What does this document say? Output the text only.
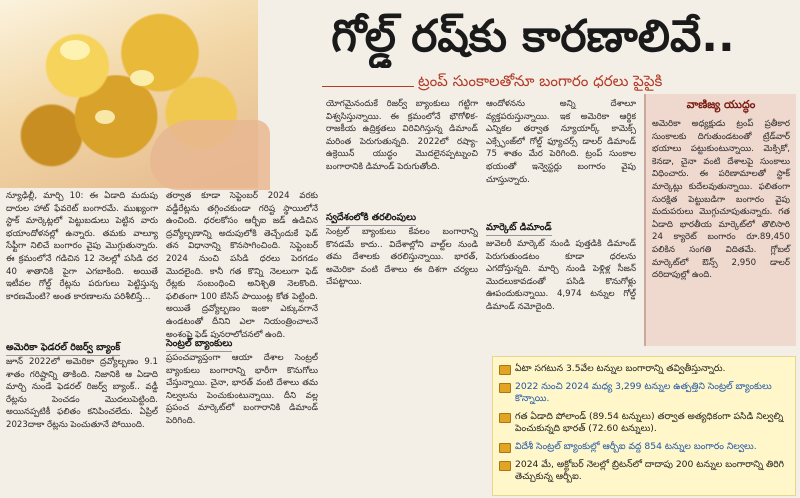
గోల్డ్ రష్‌కు కారణాలివే..
ట్రంప్ సుంకాలతోనూ బంగారం ధరలు పైపైకి

న్యూఢిల్లీ, మార్చి 10: ఈ ఏడాది మదుపు దారుల హాట్ ఫేవరెట్ బంగారమే. ముఖ్యంగా స్టాక్ మార్కెట్లలో పెట్టుబడులు పెట్టిన వారు భయాందోళనల్లో ఉన్నారు. తమకు వాల్యూ సేఫ్టీగా నిలిచే బంగారం వైపు మొగ్గుతున్నారు. ఈ క్రమంలోనే గడిచిన 12 నెలల్లో పసిడి ధర 40 శాతానికి పైగా ఎగబాకింది. అయితే ఇటీవల గోల్డ్ రేట్లను పరుగులు పెట్టిస్తున్న కారణమేంటి? అంత కారణాలను పరిశీలిస్తే...

అమెరికా ఫెడరల్ రిజర్వ్ బ్యాంక్

జూన్ 2022లో అమెరికా ద్రవ్యోల్బణం 9.1 శాతం గరిష్టాన్ని తాకింది. నిజానికి ఆ ఏడాది మార్చి నుండే ఫెడరల్ రిజర్వ్ బ్యాంక్.. వడ్డీ రేట్లను పెంచడం మొదలుపెట్టింది. అయినప్పటికీ ఫలితం కనిపించలేదు. ఏప్రిల్ 2023దాకా రేట్లను పెంచుతూనే పోయింది.

తర్వాత కూడా సెప్టెంబర్ 2024 వరకు వడ్డీరేట్లను తగ్గించకుండా గరిష్ట స్థాయిలోనే ఉంచింది. ధరలకోసం ఆర్బీఐ జడ్ ఉడిచిన ద్రవ్యోల్బణాన్ని అదుపులోకి తెచ్చేందుకే ఫెడ్ తన విధానాన్ని కొనసాగించింది. సెప్టెంబర్ 2024 నుంచి పసిడి ధరలు పెరగడం మొదలైంది. కానీ గత కొన్ని నెలలుగా ఫెడ్ రేట్లకు సంబంధించి అనిశ్చితి నెలకొంది. ఫలితంగా 100 బేసిస్ పాయింట్ల కోత పెట్టింది. అయితే ద్రవ్యోల్బణం ఇంకా ఎక్కువగానే ఉండటంతో దీనిని ఎలా నియంత్రించాలనే అంశంపై ఫెడ్ పునరాలోచనలో ఉంది.

సెంట్రల్ బ్యాంకులు

ప్రపంచవ్యాప్తంగా ఆయా దేశాల సెంట్రల్ బ్యాంకులు బంగారాన్ని భారీగా కొనుగోలు చేస్తున్నాయి. చైనా, భారత్ వంటి దేశాలు తమ నిల్వలను పెంచుకుంటున్నాయి. దీని వల్ల ప్రపంచ మార్కెట్‌లో బంగారానికి డిమాండ్ పెరిగింది.

యోగమైనందుకే రిజర్వ్ బ్యాంకులు గట్టిగా విశ్వసిస్తున్నాయి. ఈ క్రమంలోనే భౌగోళిక-రాజకీయ ఉద్రిక్తతలు విరివిగిస్తున్న డిమాండ్ మరింత పెరుగుతున్నది. 2022లో రష్యా-ఉక్రెయిన్ యుద్ధం మొదలైనప్పట్నుంచి బంగారానికి డిమాండ్ పెరుగుతోంది.

స్వదేశంలోకి తరలింపులు

సెంట్రల్ బ్యాంకులు కేవలం బంగారాన్ని కొనడమే కాదు.. విదేశాల్లోని వాల్ట్‌ల నుండి తమ దేశాలకు తరలిస్తున్నాయి. భారత్, అమెరికా వంటి దేశాలు ఈ దిశగా చర్యలు చేపట్టాయి.

ఆందోళనను అన్ని దేశాలూ వ్యక్తపరుస్తున్నాయి. ఇక అమెరికా ఆర్థిక ఎన్నికల తర్వాత న్యూయార్క్ కామెక్స్ ఎక్స్ఛేంజ్‌లో గోల్డ్ ఫ్యూచర్స్ డాలర్ డిమాండ్ 75 శాతం మేర పెరిగింది. ట్రంప్ సుంకాల భయంతో ఇన్వెస్టర్లు బంగారం వైపు చూస్తున్నారు.

మార్కెట్ డిమాండ్

జువెలరీ మార్కెట్ నుండి పుత్తడికి డిమాండ్ పెరుగుతుండటం కూడా ధరలను ఎగదోస్తున్నది. మార్చి నుండి పెళ్లిళ్ల సీజన్ మొదలుకావడంతో పసిడి కొనుగోళ్లు ఊపందుకున్నాయి. 4,974 టన్నుల గోల్డ్ డిమాండ్ నమోదైంది.

వాణిజ్య యుద్ధం
అమెరికా అధ్యక్షుడు ట్రంప్ ప్రతీకార సుంకాలకు దిగుతుండటంతో ట్రేడ్‌వార్ భయాలు పట్టుకుంటున్నాయి. మెక్సికో, కెనడా, చైనా వంటి దేశాలపై సుంకాలు విధించారు. ఈ పరిణామాలతో స్టాక్ మార్కెట్లు కుదేలవుతున్నాయి. ఫలితంగా సురక్షిత పెట్టుబడిగా బంగారం వైపు మదుపరులు మొగ్గుచూపుతున్నారు. గత ఏడాది భారతీయ మార్కెట్‌లో తొలిసారి 24 క్యారెట్ బంగారం రూ.89,450 పలికిన సంగతి విదితమే. గ్లోబల్ మార్కెట్‌లో ఔన్స్ 2,950 డాలర్ దరిదాపుల్లో ఉంది.
ఏటా సగటున 3.5వేల టన్నుల బంగారాన్ని తవ్వితీస్తున్నారు.
2022 నుంచి 2024 మధ్య 3,299 టన్నుల ఉత్పత్తిని సెంట్రల్ బ్యాంకులు కొన్నాయి.
గత ఏడాది పోలాండ్ (89.54 టన్నులు) తర్వాత అత్యధికంగా పసిడి నిల్వల్ని పెంచుకున్నది భారత్ (72.60 టన్నులు).
విదేశీ సెంట్రల్ బ్యాంకుల్లో ఆర్బీఐ వద్ద 854 టన్నుల బంగారం నిల్వలు.
2024 మే, అక్టోబర్ నెలల్లో బ్రిటన్‌లో దాదాపు 200 టన్నుల బంగారాన్ని తిరిగి తెచ్చుకున్న ఆర్బీఐ.
